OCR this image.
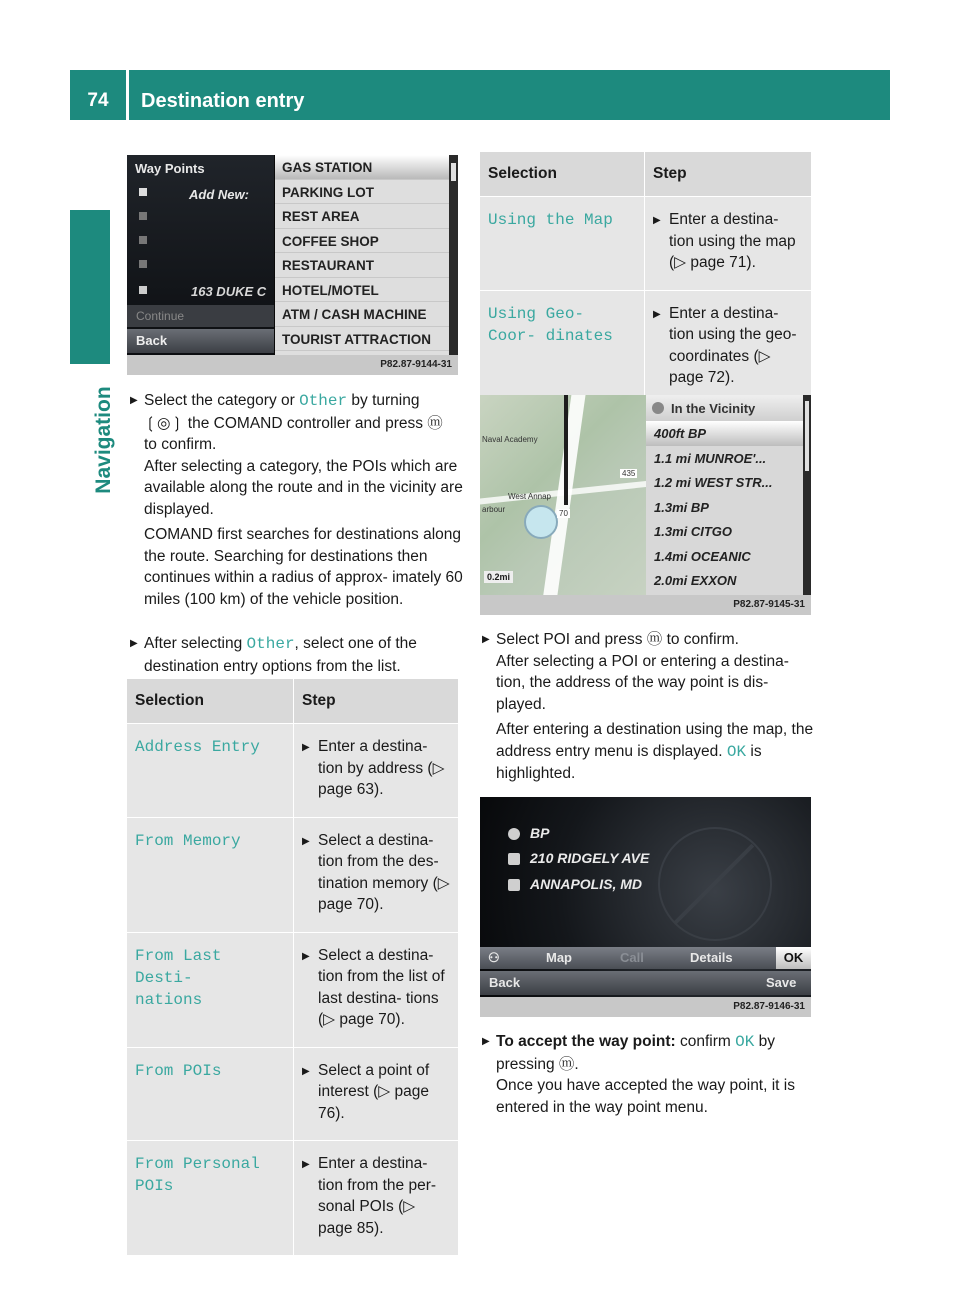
74	Destination entry
Navigation
Way Points
Add New:
163 DUKE C
Continue
Back
GAS STATION
PARKING LOT
REST AREA
COFFEE SHOP
RESTAURANT
HOTEL/MOTEL
ATM / CASH MACHINE
TOURIST ATTRACTION
P82.87-9144-31
▶ Select the category or Other by turning
❲◎❳ the COMAND controller and press ⓜ
to confirm.
After selecting a category, the POIs which are available along the route and in the vicinity are displayed.
COMAND first searches for destinations along the route. Searching for destinations then continues within a radius of approx- imately 60 miles (100 km) of the vehicle position.
▶ After selecting Other, select one of the destination entry options from the list.
Selection	Step
Address Entry	▶ Enter a destina- tion by address (▷ page 63).

From Memory	▶ Select a destina- tion from the des- tination memory (▷ page 70).

From Last Desti- nations	▶ Select a destina- tion from the list of last destina- tions (▷ page 70).

From POIs	▶ Select a point of interest (▷ page 76).

From Personal POIs	▶ Enter a destina- tion from the per- sonal POIs (▷ page 85).
Selection	Step
Using the Map	▶ Enter a destina- tion using the map (▷ page 71).

Using Geo-Coor- dinates	▶ Enter a destina- tion using the geo- coordinates (▷ page 72).
Naval Academy
West Annap
arbour
435
70
0.2mi
In the Vicinity
400ft BP
1.1 mi MUNROE'...
1.2 mi WEST STR...
1.3mi BP
1.3mi CITGO
1.4mi OCEANIC
2.0mi EXXON
P82.87-9145-31
▶ Select POI and press ⓜ to confirm.
After selecting a POI or entering a destina- tion, the address of the way point is dis- played.
After entering a destination using the map, the address entry menu is displayed. OK is highlighted.
BP
210 RIDGELY AVE
ANNAPOLIS, MD
⚇	Map	Call	Details	OK
Back	Save
P82.87-9146-31
▶ To accept the way point: confirm OK by
pressing ⓜ.
Once you have accepted the way point, it is entered in the way point menu.
